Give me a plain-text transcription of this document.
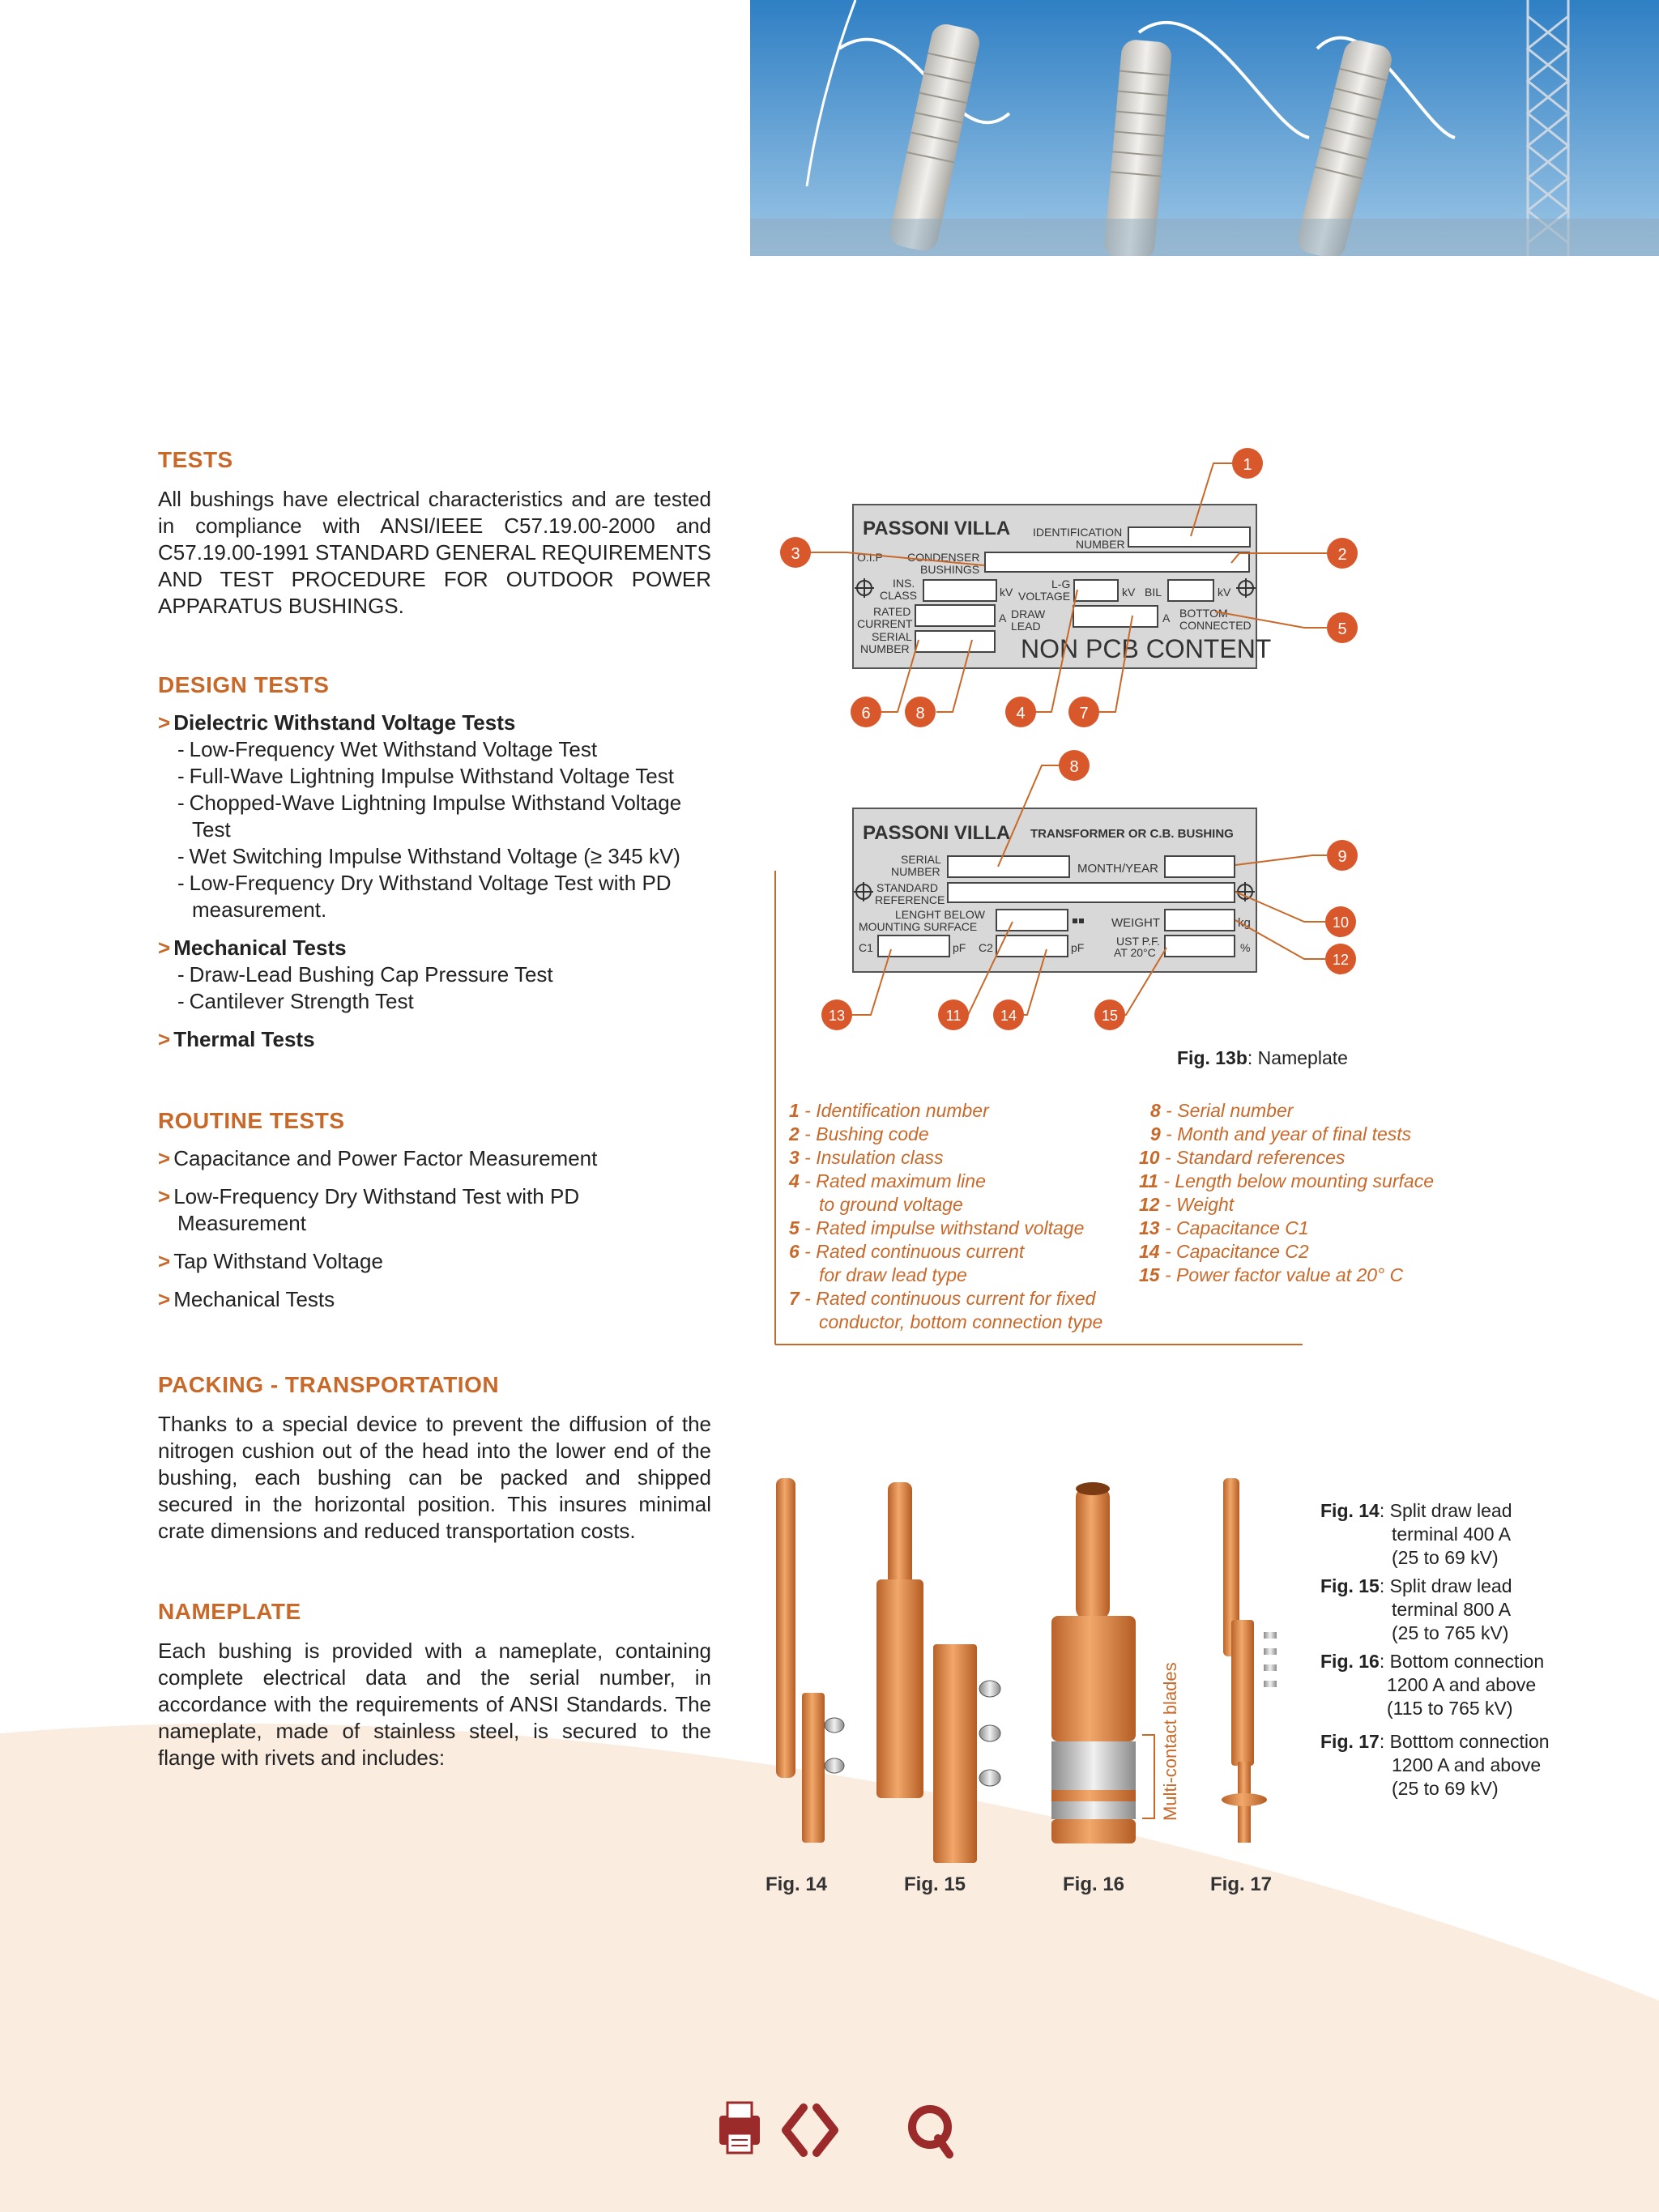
TESTS
All bushings have electrical characteristics and are tested in compliance with ANSI/IEEE C57.19.00-2000 and C57.19.00-1991 STANDARD GENERAL REQUIREMENTS AND TEST PROCEDURE FOR OUTDOOR POWER APPARATUS BUSHINGS.
DESIGN TESTS
> Dielectric Withstand Voltage Tests
- Low-Frequency Wet Withstand Voltage Test
- Full-Wave Lightning Impulse Withstand Voltage Test
- Chopped-Wave Lightning Impulse Withstand Voltage
Test
- Wet Switching Impulse Withstand Voltage (≥ 345 kV)
- Low-Frequency Dry Withstand Voltage Test with PD
measurement.
> Mechanical Tests
- Draw-Lead Bushing Cap Pressure Test
- Cantilever Strength Test
> Thermal Tests
ROUTINE TESTS
> Capacitance and Power Factor Measurement
> Low-Frequency Dry Withstand Test with PD
Measurement
> Tap Withstand Voltage
> Mechanical Tests
PACKING - TRANSPORTATION
Thanks to a special device to prevent the diffusion of the nitrogen cushion out of the head into the lower end of the bushing, each bushing can be packed and shipped secured in the horizontal position. This insures minimal crate dimensions and reduced transportation costs.
NAMEPLATE
Each bushing is provided with a nameplate, containing complete electrical data and the serial number, in accordance with the requirements of ANSI Standards. The nameplate, made of stainless steel, is secured to the flange with rivets and includes:
PASSONI VILLA IDENTIFICATION
NUMBER
O.I.P CONDENSER
BUSHINGS
INS.
CLASS	kV
L-G
VOLTAGE	kV BIL	kV
RATED
CURRENT	A DRAW
LEAD
A BOTTOM
CONNECTED
SERIAL
NUMBER	NON PCB CONTENT
1
2
3
5
6	8	4	7
PASSONI VILLA TRANSFORMER OR C.B. BUSHING
SERIAL
NUMBER	MONTH/YEAR
STANDARD
REFERENCE
LENGHT BELOW
MOUNTING SURFACE	WEIGHT	kg
C1	pF C2	pF	UST P.F.
AT 20°C	%
8
9
10
12
13	11	14	15
Fig. 13b: Nameplate
1 - Identification number
2 - Bushing code
3 - Insulation class
4 - Rated maximum line
to ground voltage
5 - Rated impulse withstand voltage
6 - Rated continuous current
for draw lead type
7 - Rated continuous current for fixed
conductor, bottom connection type
8 - Serial number
9 - Month and year of final tests
10 - Standard references
11 - Length below mounting surface
12 - Weight
13 - Capacitance C1
14 - Capacitance C2
15 - Power factor value at 20° C
Multi-contact blades
Fig. 14	Fig. 15	Fig. 16	Fig. 17
Fig. 14: Split draw lead
terminal 400 A
(25 to 69 kV)
Fig. 15: Split draw lead
terminal 800 A
(25 to 765 kV)
Fig. 16: Bottom connection
1200 A and above
(115 to 765 kV)
Fig. 17: Botttom connection
1200 A and above
(25 to 69 kV)
